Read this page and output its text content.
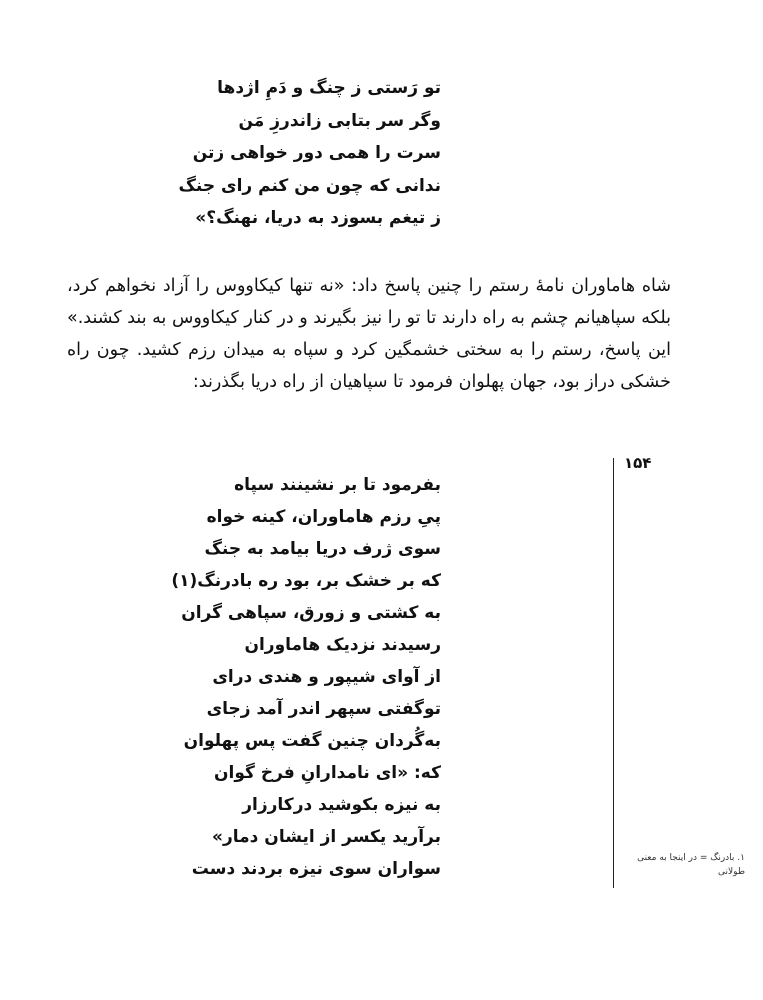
تو رَستی ز چنگ و دَمِ اژدها
وگر سر بتابی زاندرزِ مَن
سرت را همی دور خواهی زتن
ندانی که چون من کنم رای جنگ
ز تیغم بسوزد به دریا، نهنگ؟»
شاه هاماوران نامۀ رستم را چنین پاسخ داد: «نه تنها کیکاووس را آزاد نخواهم کرد، بلکه سپاهیانم چشم به راه دارند تا تو را نیز بگیرند و در کنار کیکاووس به بند کشند.» این پاسخ، رستم را به سختی خشمگین کرد و سپاه به میدان رزم کشید. چون راه خشکی دراز بود، جهان پهلوان فرمود تا سپاهیان از راه دریا بگذرند:
۱۵۴
بفرمود تا بر نشینند سپاه
پیِ رزم هاماوران، کینه خواه
سوی ژرف دریا بیامد به جنگ
که بر خشک بر، بود ره بادرنگ(۱)
به کشتی و زورق، سپاهی گران
رسیدند نزدیک هاماوران
از آوای شیپور و هندی درای
توگفتی سپهر اندر آمد زجای
به‌گُردان چنین گفت پس پهلوان
که: «ای نامدارانِ فرخ گوان
به نیزه بکوشید درکارزار
برآرید یکسر از ایشان دمار»
سواران سوی نیزه بردند دست
۱. بادرنگ = در اینجا به معنی طولانی
